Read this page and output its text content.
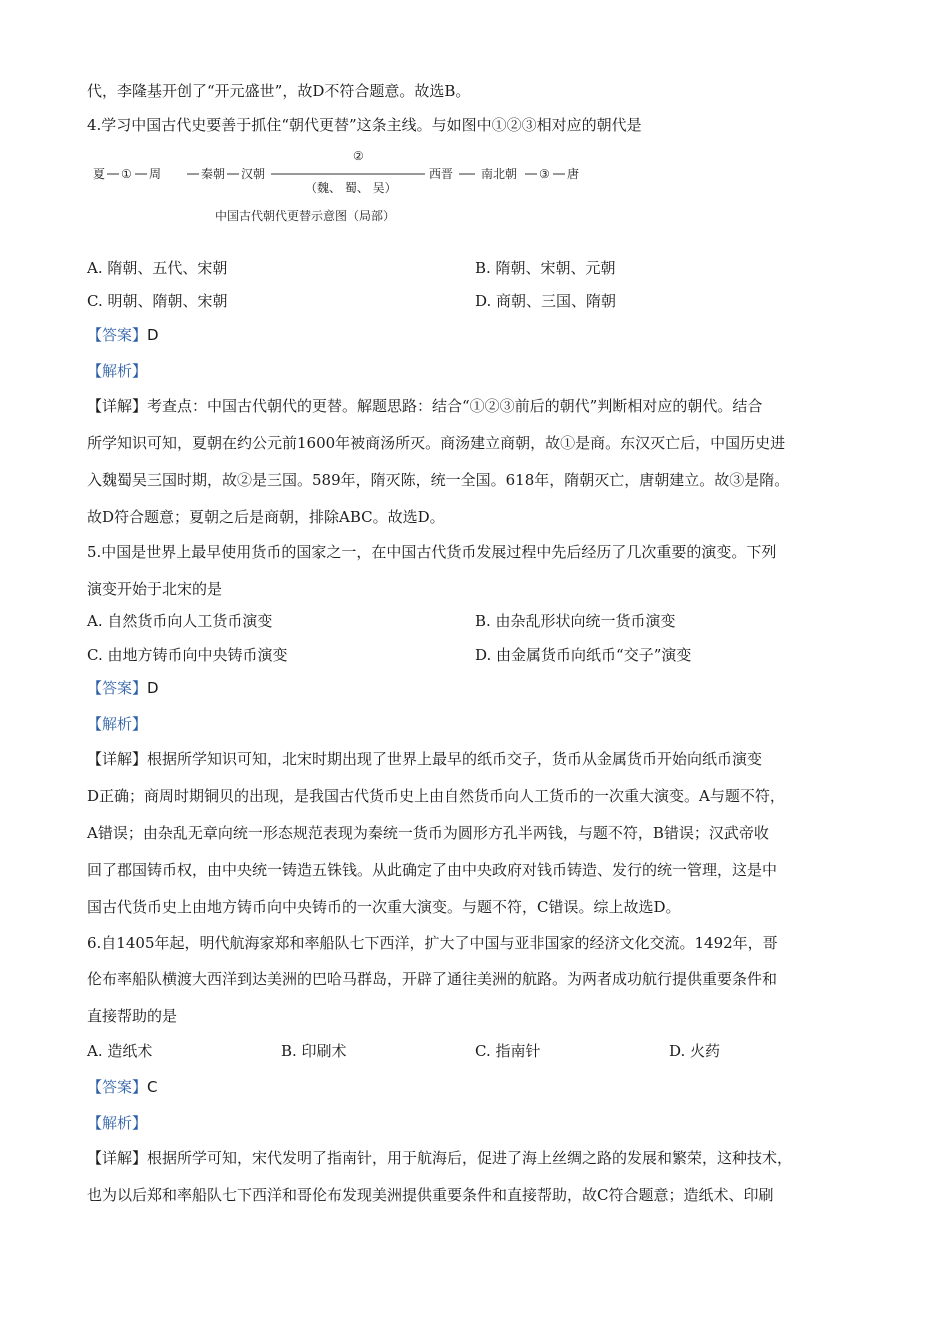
代，李隆基开创了“开元盛世”，故D不符合题意。故选B。
4.学习中国古代史要善于抓住“朝代更替”这条主线。与如图中①②③相对应的朝代是
夏 ① 周	秦朝 汉朝
②
（魏、 蜀、 吴）
西晋 南北朝 ③ 唐
中国古代朝代更替示意图（局部）
A. 隋朝、五代、宋朝	B. 隋朝、宋朝、元朝
C. 明朝、隋朝、宋朝	D. 商朝、三国、隋朝
【答案】D
【解析】
【详解】考查点：中国古代朝代的更替。解题思路：结合“①②③前后的朝代”判断相对应的朝代。结合
所学知识可知，夏朝在约公元前1600年被商汤所灭。商汤建立商朝，故①是商。东汉灭亡后，中国历史进
入魏蜀吴三国时期，故②是三国。589年，隋灭陈，统一全国。618年，隋朝灭亡，唐朝建立。故③是隋。
故D符合题意；夏朝之后是商朝，排除ABC。故选D。
5.中国是世界上最早使用货币的国家之一，在中国古代货币发展过程中先后经历了几次重要的演变。下列
演变开始于北宋的是
A. 自然货币向人工货币演变	B. 由杂乱形状向统一货币演变
C. 由地方铸币向中央铸币演变	D. 由金属货币向纸币“交子”演变
【答案】D
【解析】
【详解】根据所学知识可知，北宋时期出现了世界上最早的纸币交子，货币从金属货币开始向纸币演变
D正确；商周时期铜贝的出现，是我国古代货币史上由自然货币向人工货币的一次重大演变。A与题不符，
A错误；由杂乱无章向统一形态规范表现为秦统一货币为圆形方孔半两钱，与题不符，B错误；汉武帝收
回了郡国铸币权，由中央统一铸造五铢钱。从此确定了由中央政府对钱币铸造、发行的统一管理，这是中
国古代货币史上由地方铸币向中央铸币的一次重大演变。与题不符，C错误。综上故选D。
6.自1405年起，明代航海家郑和率船队七下西洋，扩大了中国与亚非国家的经济文化交流。1492年，哥
伦布率船队横渡大西洋到达美洲的巴哈马群岛，开辟了通往美洲的航路。为两者成功航行提供重要条件和
直接帮助的是
A. 造纸术	B. 印刷术	C. 指南针	D. 火药
【答案】C
【解析】
【详解】根据所学可知，宋代发明了指南针，用于航海后，促进了海上丝绸之路的发展和繁荣，这种技术，
也为以后郑和率船队七下西洋和哥伦布发现美洲提供重要条件和直接帮助，故C符合题意；造纸术、印刷
